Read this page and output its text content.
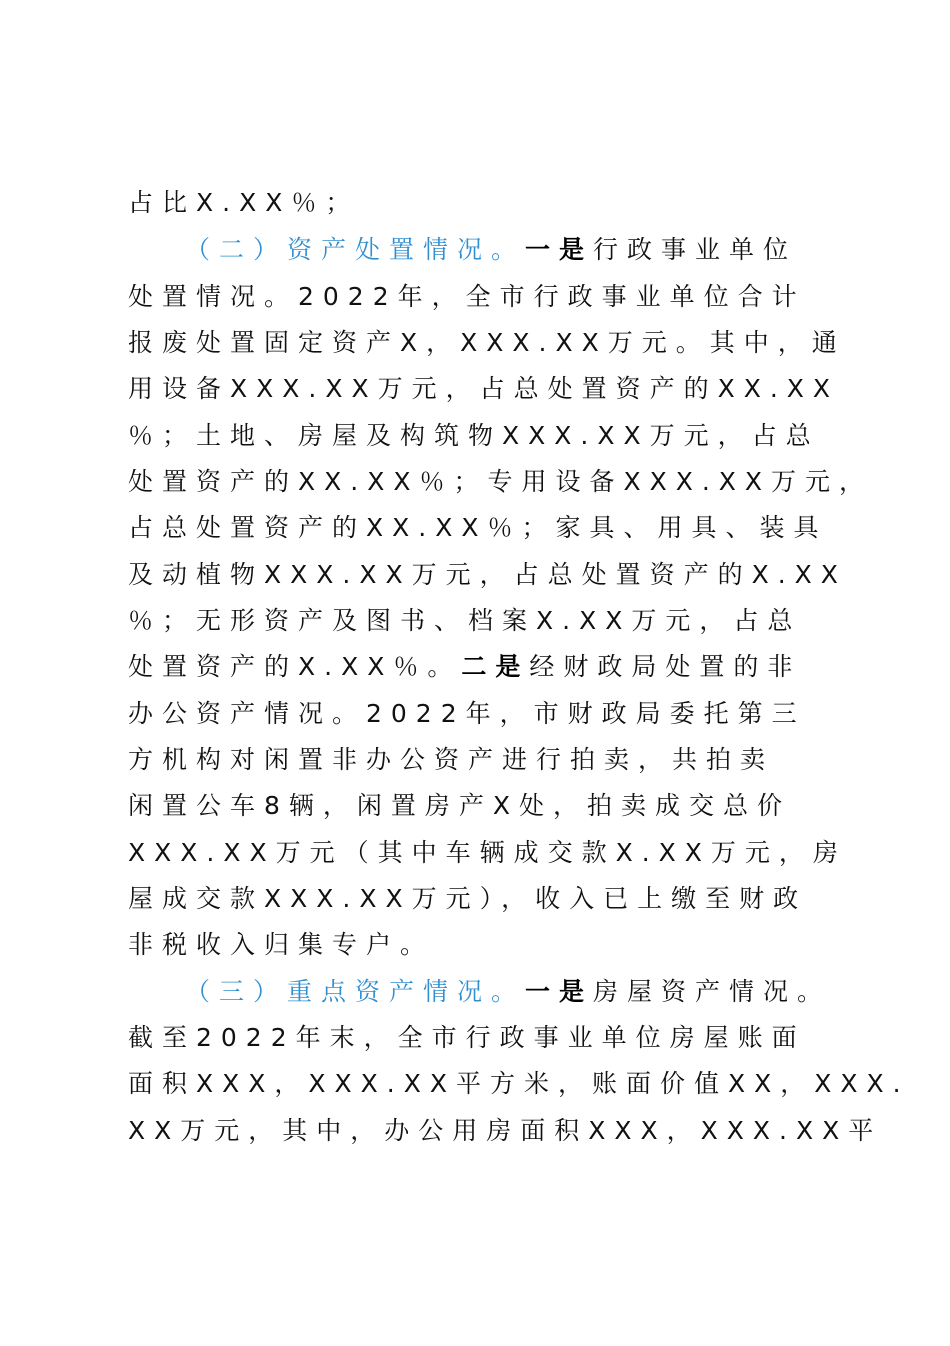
占比X.XX％；
（二）资产处置情况。一是行政事业单位
处置情况。2022年，全市行政事业单位合计
报废处置固定资产X，XXX.XX万元。其中，通
用设备XXX.XX万元，占总处置资产的XX.XX
％；土地、房屋及构筑物XXX.XX万元，占总
处置资产的XX.XX％；专用设备XXX.XX万元，
占总处置资产的XX.XX％；家具、用具、装具
及动植物XXX.XX万元，占总处置资产的X.XX
％；无形资产及图书、档案X.XX万元，占总
处置资产的X.XX％。二是经财政局处置的非
办公资产情况。2022年，市财政局委托第三
方机构对闲置非办公资产进行拍卖，共拍卖
闲置公车8辆，闲置房产X处，拍卖成交总价
XXX.XX万元（其中车辆成交款X.XX万元，房
屋成交款XXX.XX万元），收入已上缴至财政
非税收入归集专户。
（三）重点资产情况。一是房屋资产情况。
截至2022年末，全市行政事业单位房屋账面
面积XXX，XXX.XX平方米，账面价值XX，XXX.
XX万元，其中，办公用房面积XXX，XXX.XX平
